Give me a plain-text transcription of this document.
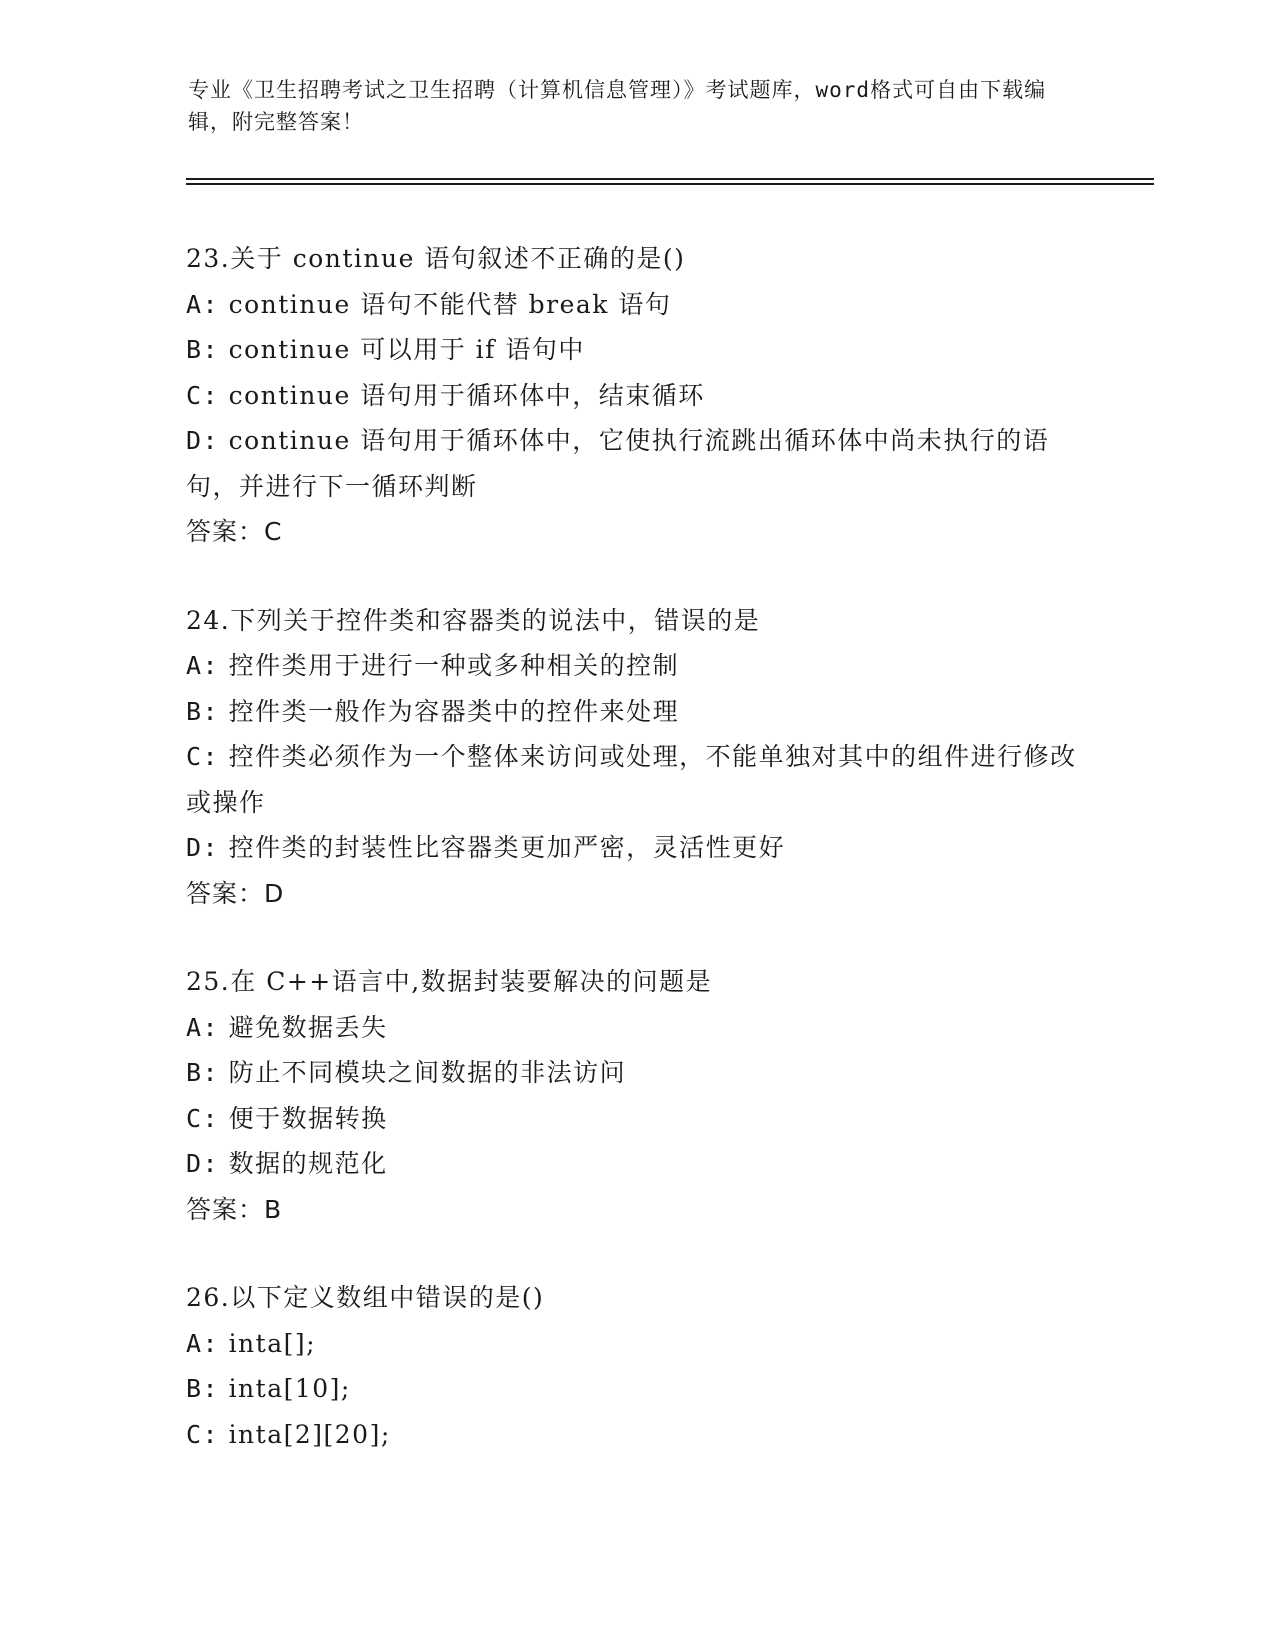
专业《卫生招聘考试之卫生招聘（计算机信息管理）》考试题库，word格式可自由下载编辑，附完整答案！

23.关于 continue 语句叙述不正确的是()

A: continue 语句不能代替 break 语句

B: continue 可以用于 if 语句中

C: continue 语句用于循环体中，结束循环

D: continue 语句用于循环体中，它使执行流跳出循环体中尚未执行的语句，并进行下一循环判断

答案：C

24.下列关于控件类和容器类的说法中，错误的是

A: 控件类用于进行一种或多种相关的控制

B: 控件类一般作为容器类中的控件来处理

C: 控件类必须作为一个整体来访问或处理，不能单独对其中的组件进行修改或操作

D: 控件类的封装性比容器类更加严密，灵活性更好

答案：D

25.在 C++语言中,数据封装要解决的问题是

A: 避免数据丢失

B: 防止不同模块之间数据的非法访问

C: 便于数据转换

D: 数据的规范化

答案：B

26.以下定义数组中错误的是()

A: inta[];

B: inta[10];

C: inta[2][20];
